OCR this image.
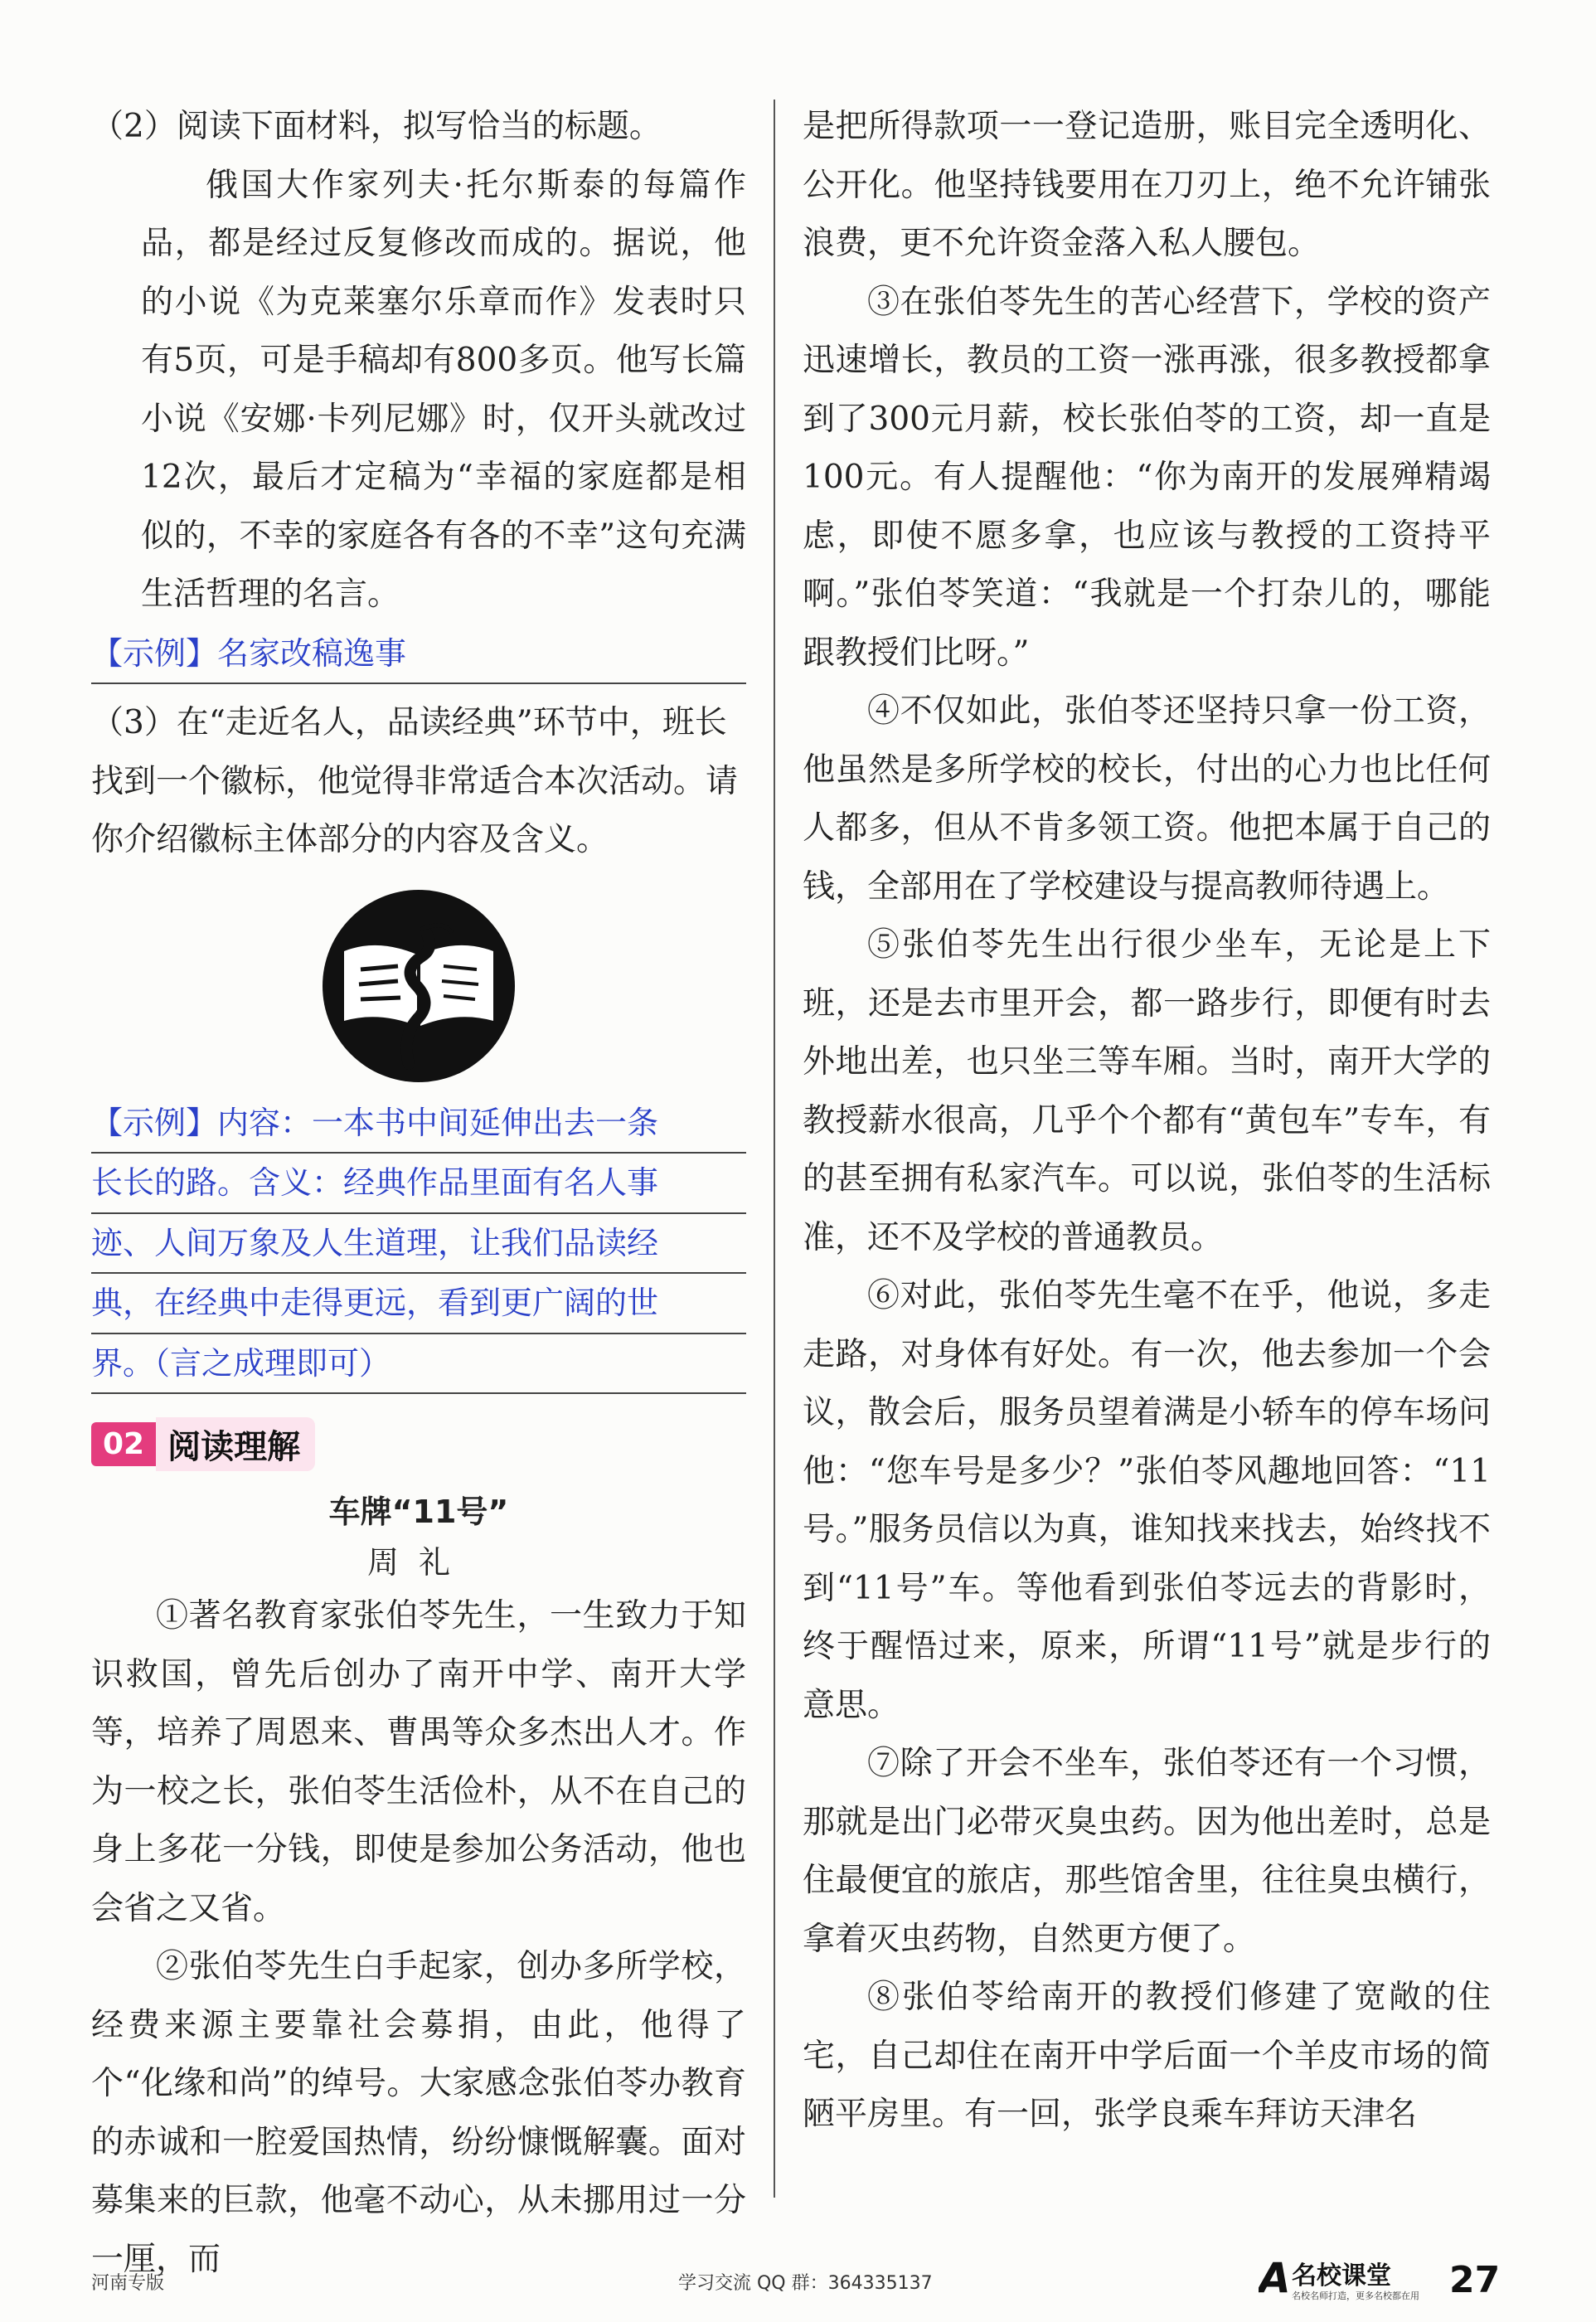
（2）阅读下面材料，拟写恰当的标题。

俄国大作家列夫·托尔斯泰的每篇作品，都是经过反复修改而成的。据说，他的小说《为克莱塞尔乐章而作》发表时只有5页，可是手稿却有800多页。他写长篇小说《安娜·卡列尼娜》时，仅开头就改过12次，最后才定稿为“幸福的家庭都是相似的，不幸的家庭各有各的不幸”这句充满生活哲理的名言。

【示例】名家改稿逸事

（3）在“走近名人，品读经典”环节中，班长找到一个徽标，他觉得非常适合本次活动。请你介绍徽标主体部分的内容及含义。

【示例】内容：一本书中间延伸出去一条
长长的路。含义：经典作品里面有名人事
迹、人间万象及人生道理，让我们品读经
典，在经典中走得更远，看到更广阔的世
界。（言之成理即可）
02 阅读理解
车牌“11号”
周礼

①著名教育家张伯苓先生，一生致力于知识救国，曾先后创办了南开中学、南开大学等，培养了周恩来、曹禺等众多杰出人才。作为一校之长，张伯苓生活俭朴，从不在自己的身上多花一分钱，即使是参加公务活动，他也会省之又省。

②张伯苓先生白手起家，创办多所学校，经费来源主要靠社会募捐，由此，他得了个“化缘和尚”的绰号。大家感念张伯苓办教育的赤诚和一腔爱国热情，纷纷慷慨解囊。面对募集来的巨款，他毫不动心，从未挪用过一分一厘，而

是把所得款项一一登记造册，账目完全透明化、公开化。他坚持钱要用在刀刃上，绝不允许铺张浪费，更不允许资金落入私人腰包。

③在张伯苓先生的苦心经营下，学校的资产迅速增长，教员的工资一涨再涨，很多教授都拿到了300元月薪，校长张伯苓的工资，却一直是100元。有人提醒他：“你为南开的发展殚精竭虑，即使不愿多拿，也应该与教授的工资持平啊。”张伯苓笑道：“我就是一个打杂儿的，哪能跟教授们比呀。”

④不仅如此，张伯苓还坚持只拿一份工资，他虽然是多所学校的校长，付出的心力也比任何人都多，但从不肯多领工资。他把本属于自己的钱，全部用在了学校建设与提高教师待遇上。

⑤张伯苓先生出行很少坐车，无论是上下班，还是去市里开会，都一路步行，即便有时去外地出差，也只坐三等车厢。当时，南开大学的教授薪水很高，几乎个个都有“黄包车”专车，有的甚至拥有私家汽车。可以说，张伯苓的生活标准，还不及学校的普通教员。

⑥对此，张伯苓先生毫不在乎，他说，多走走路，对身体有好处。有一次，他去参加一个会议，散会后，服务员望着满是小轿车的停车场问他：“您车号是多少？”张伯苓风趣地回答：“11号。”服务员信以为真，谁知找来找去，始终找不到“11号”车。等他看到张伯苓远去的背影时，终于醒悟过来，原来，所谓“11号”就是步行的意思。

⑦除了开会不坐车，张伯苓还有一个习惯，那就是出门必带灭臭虫药。因为他出差时，总是住最便宜的旅店，那些馆舍里，往往臭虫横行，拿着灭虫药物，自然更方便了。

⑧张伯苓给南开的教授们修建了宽敞的住宅，自己却住在南开中学后面一个羊皮市场的简陋平房里。有一回，张学良乘车拜访天津名

河南专版	学习交流 QQ 群：364335137	A 名校课堂
名校名师打造，更多名校都在用 27
